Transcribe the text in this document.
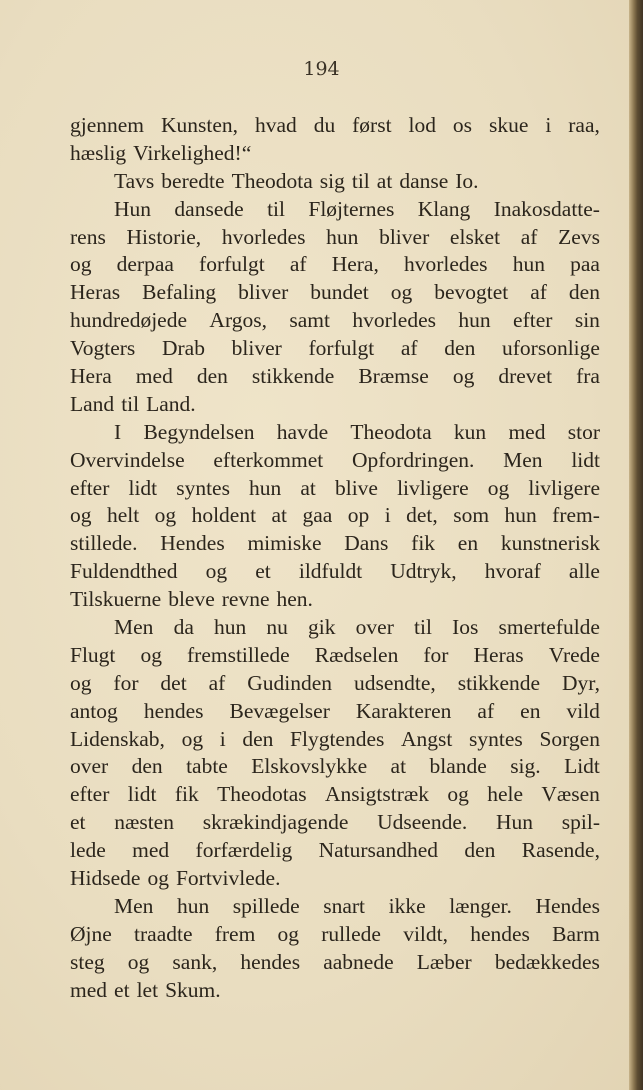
194
gjennem Kunsten, hvad du først lod os skue i raa,
hæslig Virkelighed!“
Tavs beredte Theodota sig til at danse Io.
Hun dansede til Fløjternes Klang Inakosdatte-
rens Historie, hvorledes hun bliver elsket af Zevs
og derpaa forfulgt af Hera, hvorledes hun paa
Heras Befaling bliver bundet og bevogtet af den
hundredøjede Argos, samt hvorledes hun efter sin
Vogters Drab bliver forfulgt af den uforsonlige
Hera med den stikkende Bræmse og drevet fra
Land til Land.
I Begyndelsen havde Theodota kun med stor
Overvindelse efterkommet Opfordringen. Men lidt
efter lidt syntes hun at blive livligere og livligere
og helt og holdent at gaa op i det, som hun frem-
stillede. Hendes mimiske Dans fik en kunstnerisk
Fuldendthed og et ildfuldt Udtryk, hvoraf alle
Tilskuerne bleve revne hen.
Men da hun nu gik over til Ios smertefulde
Flugt og fremstillede Rædselen for Heras Vrede
og for det af Gudinden udsendte, stikkende Dyr,
antog hendes Bevægelser Karakteren af en vild
Lidenskab, og i den Flygtendes Angst syntes Sorgen
over den tabte Elskovslykke at blande sig. Lidt
efter lidt fik Theodotas Ansigtstræk og hele Væsen
et næsten skrækindjagende Udseende. Hun spil-
lede med forfærdelig Natursandhed den Rasende,
Hidsede og Fortvivlede.
Men hun spillede snart ikke længer. Hendes
Øjne traadte frem og rullede vildt, hendes Barm
steg og sank, hendes aabnede Læber bedækkedes
med et let Skum.
